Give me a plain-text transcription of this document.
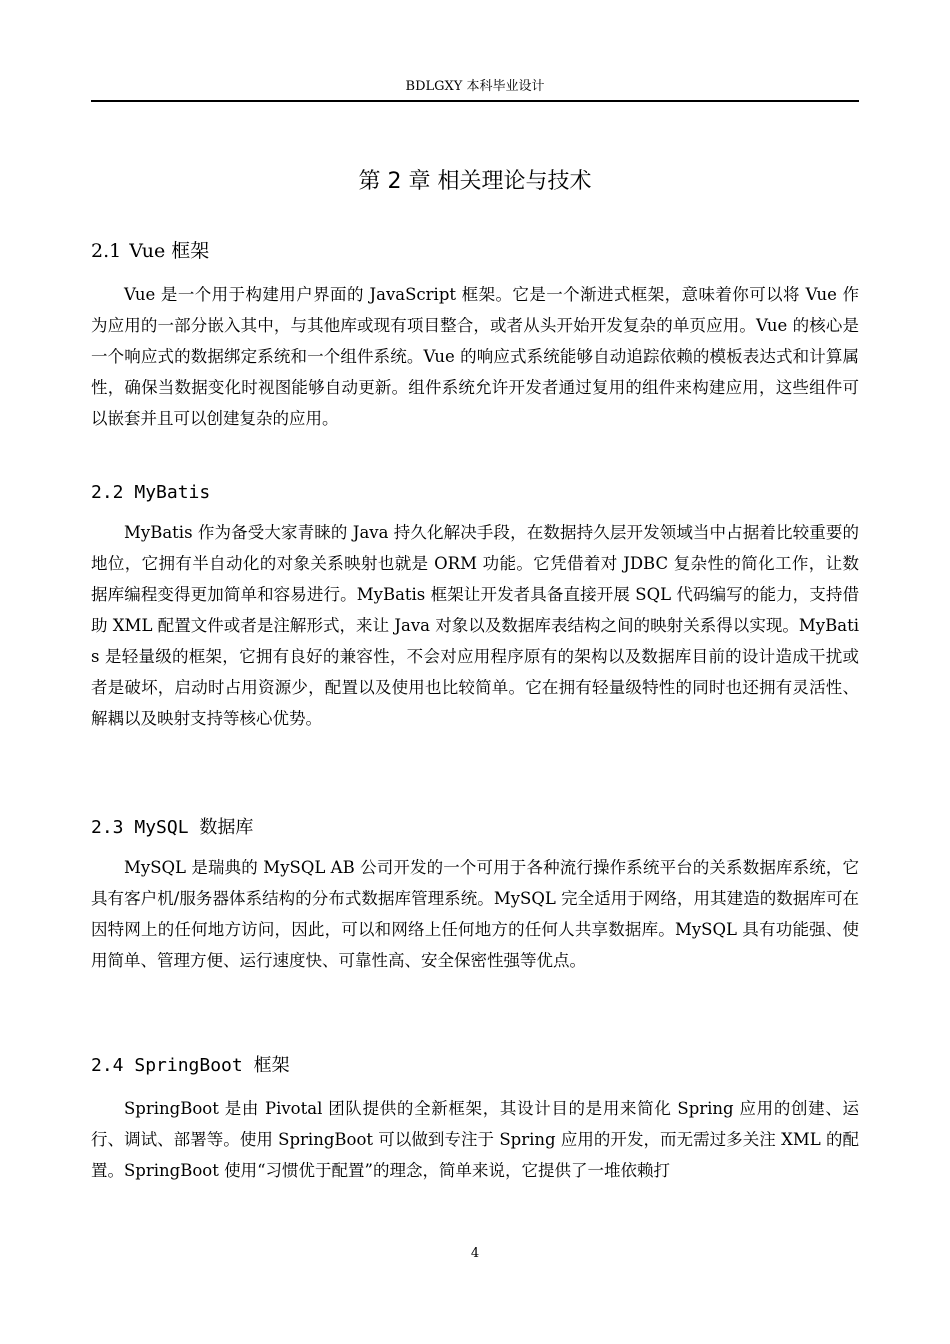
BDLGXY 本科毕业设计
第 2 章 相关理论与技术
2.1 Vue 框架
Vue 是一个用于构建用户界面的 JavaScript 框架。它是一个渐进式框架，意味着你可以将 Vue 作为应用的一部分嵌入其中，与其他库或现有项目整合，或者从头开始开发复杂的单页应用。Vue 的核心是一个响应式的数据绑定系统和一个组件系统。Vue 的响应式系统能够自动追踪依赖的模板表达式和计算属性，确保当数据变化时视图能够自动更新。组件系统允许开发者通过复用的组件来构建应用，这些组件可以嵌套并且可以创建复杂的应用。
2.2 MyBatis
MyBatis 作为备受大家青睐的 Java 持久化解决手段，在数据持久层开发领域当中占据着比较重要的地位，它拥有半自动化的对象关系映射也就是 ORM 功能。它凭借着对 JDBC 复杂性的简化工作，让数据库编程变得更加简单和容易进行。MyBatis 框架让开发者具备直接开展 SQL 代码编写的能力，支持借助 XML 配置文件或者是注解形式，来让 Java 对象以及数据库表结构之间的映射关系得以实现。MyBatis 是轻量级的框架，它拥有良好的兼容性，不会对应用程序原有的架构以及数据库目前的设计造成干扰或者是破坏，启动时占用资源少，配置以及使用也比较简单。它在拥有轻量级特性的同时也还拥有灵活性、解耦以及映射支持等核心优势。
2.3 MySQL 数据库
MySQL 是瑞典的 MySQL AB 公司开发的一个可用于各种流行操作系统平台的关系数据库系统，它具有客户机/服务器体系结构的分布式数据库管理系统。MySQL 完全适用于网络，用其建造的数据库可在因特网上的任何地方访问，因此，可以和网络上任何地方的任何人共享数据库。MySQL 具有功能强、使用简单、管理方便、运行速度快、可靠性高、安全保密性强等优点。
2.4 SpringBoot 框架
SpringBoot 是由 Pivotal 团队提供的全新框架，其设计目的是用来简化 Spring 应用的创建、运行、调试、部署等。使用 SpringBoot 可以做到专注于 Spring 应用的开发，而无需过多关注 XML 的配置。SpringBoot 使用“习惯优于配置”的理念，简单来说，它提供了一堆依赖打
4
